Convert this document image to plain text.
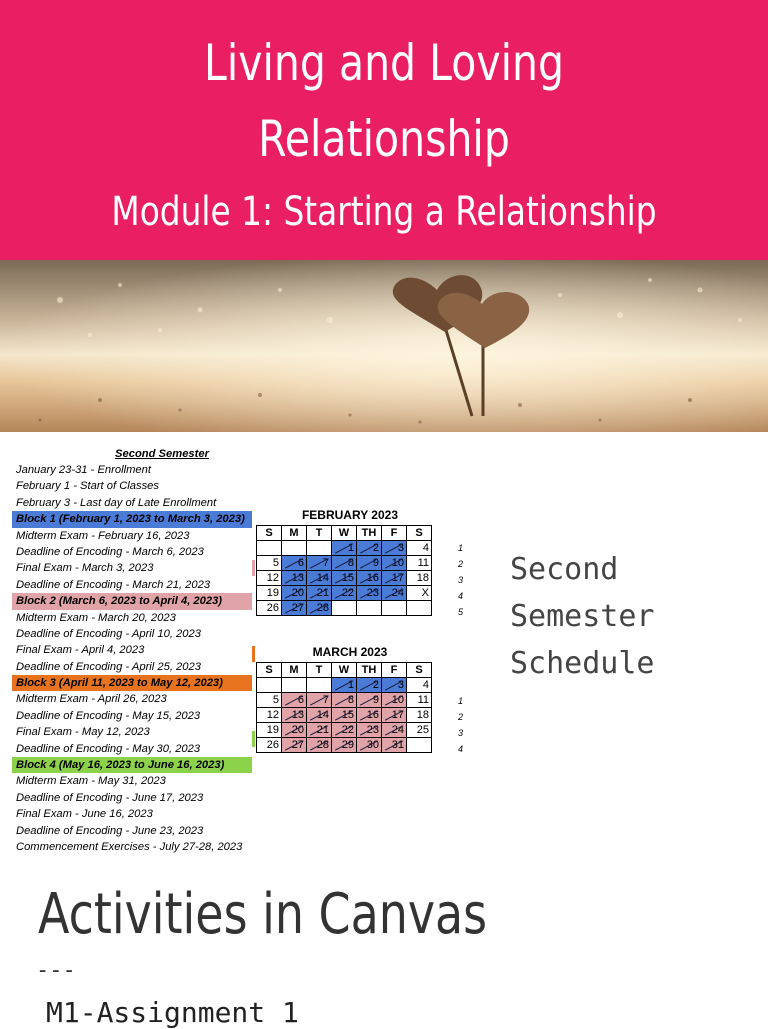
Living and Loving
Relationship
Module 1: Starting a Relationship
Second Semester
January 23-31 - Enrollment
February 1 - Start of Classes
February 3 - Last day of Late Enrollment
Block 1 (February 1, 2023 to March 3, 2023)
Midterm Exam - February 16, 2023
Deadline of Encoding - March 6, 2023
Final Exam - March 3, 2023
Deadline of Encoding - March 21, 2023
Block 2 (March 6, 2023 to April 4, 2023)
Midterm Exam - March 20, 2023
Deadline of Encoding - April 10, 2023
Final Exam - April 4, 2023
Deadline of Encoding - April 25, 2023
Block 3 (April 11, 2023 to May 12, 2023)
Midterm Exam - April 26, 2023
Deadline of Encoding - May 15, 2023
Final Exam - May 12, 2023
Deadline of Encoding - May 30, 2023
Block 4 (May 16, 2023 to June 16, 2023)
Midterm Exam - May 31, 2023
Deadline of Encoding - June 17, 2023
Final Exam - June 16, 2023
Deadline of Encoding - June 23, 2023
Commencement Exercises - July 27-28, 2023
FEBRUARY 2023
1
2
3
4
5
S	M	T	W	TH	F	S
			1	2	3	4
5	6	7	8	9	10	11
12	13	14	15	16	17	18
19	20	21	22	23	24	X
26	27	28				
MARCH 2023
1
2
3
4
S	M	T	W	TH	F	S
			1	2	3	4
5	6	7	8	9	10	11
12	13	14	15	16	17	18
19	20	21	22	23	24	25
26	27	28	29	30	31	
Second
Semester
Schedule
Activities in Canvas
---
M1-Assignment 1
